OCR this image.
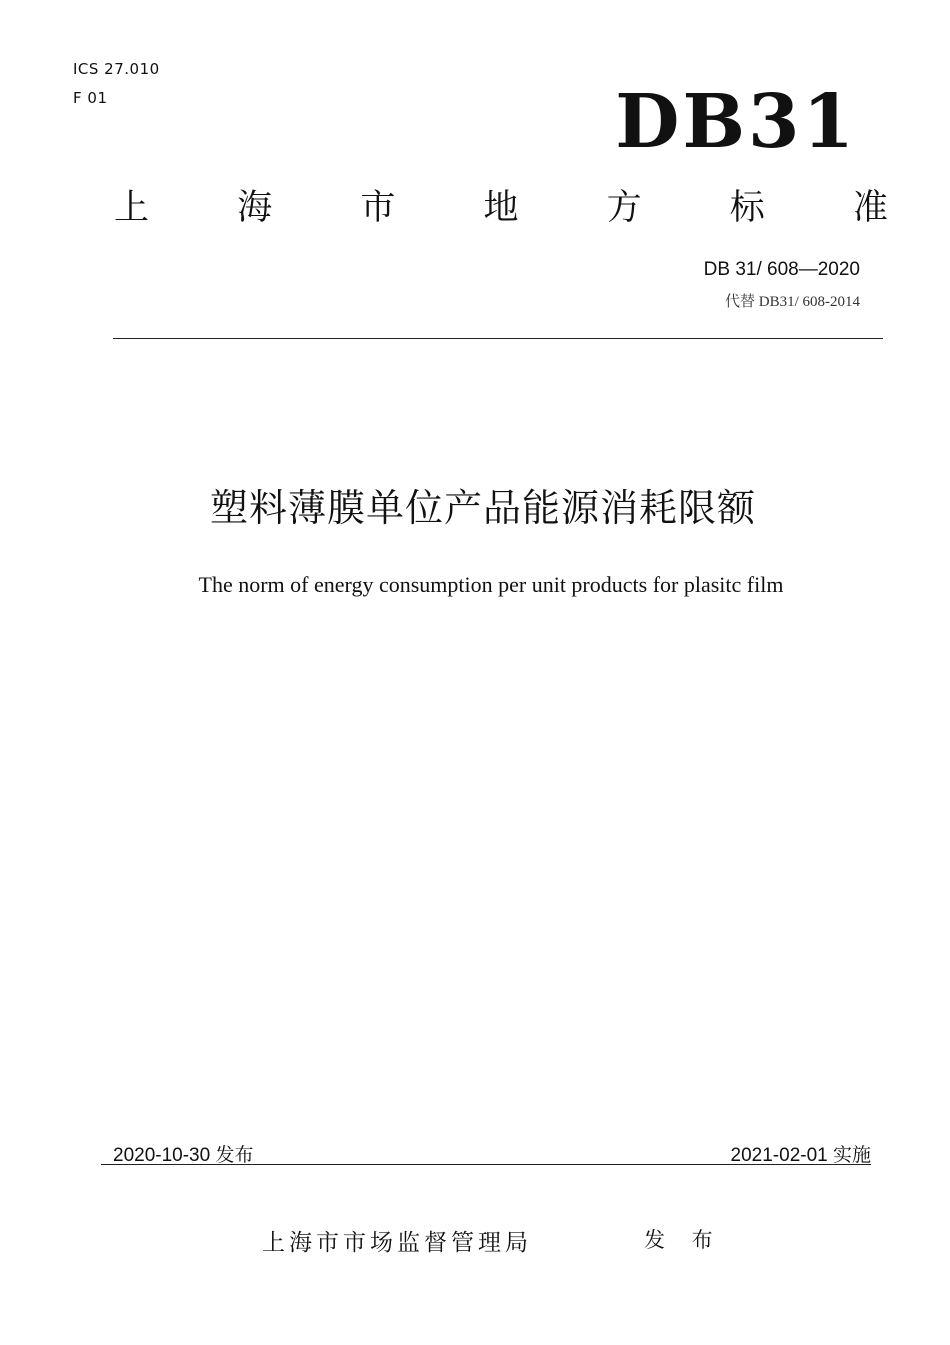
ICS 27.010
F 01	DB31
上	海	市	地	方	标	准
DB 31/ 608—2020
代替 DB31/ 608-2014
塑料薄膜单位产品能源消耗限额
The norm of energy consumption per unit products for plasitc film
2020-10-30 发布	2021-02-01 实施
上海市市场监督管理局	发 布
